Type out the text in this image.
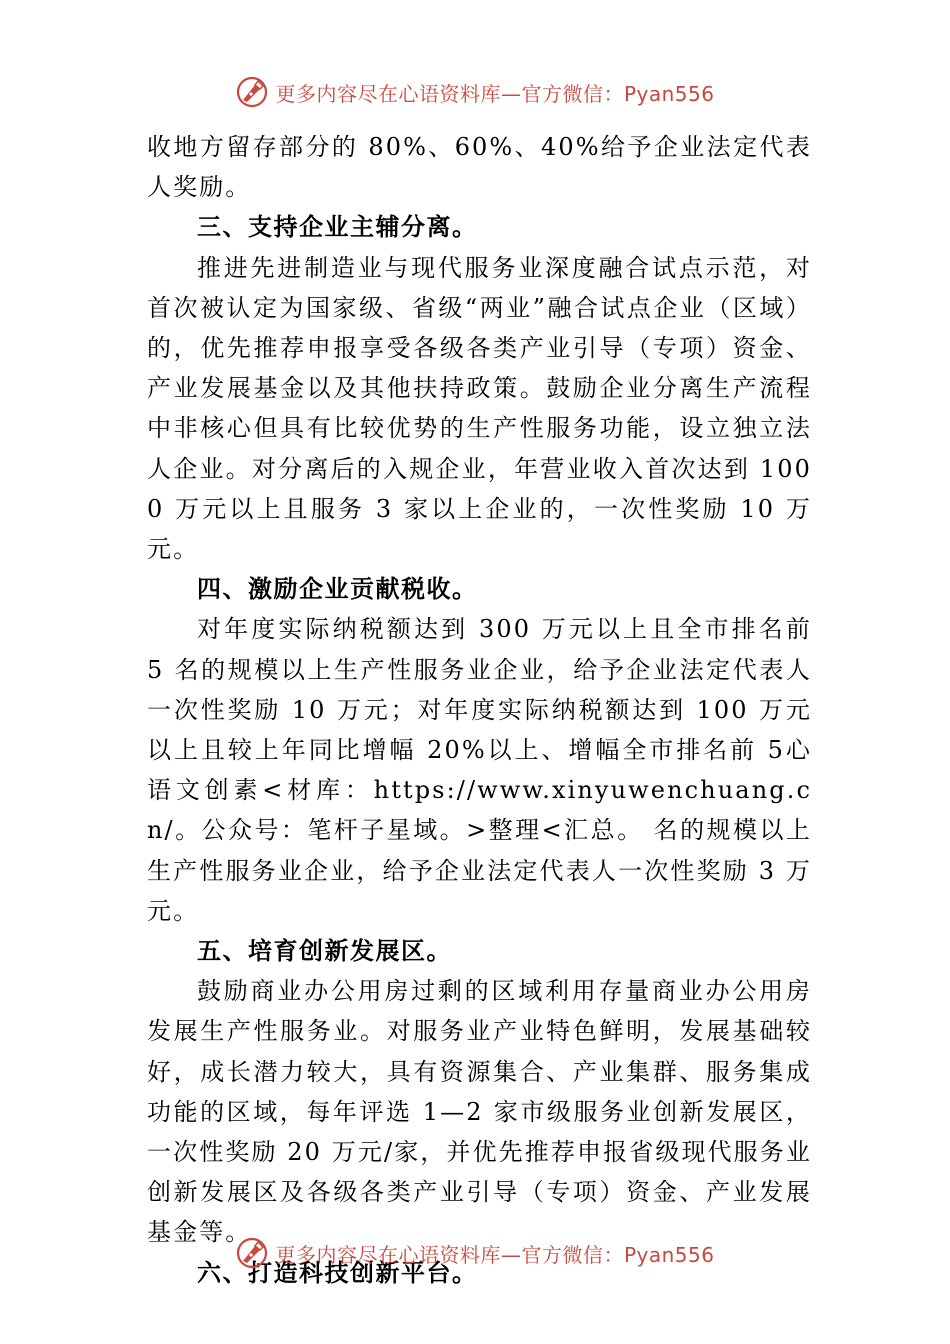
更多内容尽在心语资料库—官方微信：Pyan556

收地方留存部分的 80%、60%、40%给予企业法定代表人奖励。

三、支持企业主辅分离。

推进先进制造业与现代服务业深度融合试点示范，对首次被认定为国家级、省级“两业”融合试点企业（区域）的，优先推荐申报享受各级各类产业引导（专项）资金、产业发展基金以及其他扶持政策。鼓励企业分离生产流程中非核心但具有比较优势的生产性服务功能，设立独立法人企业。对分离后的入规企业，年营业收入首次达到 1000 万元以上且服务 3 家以上企业的，一次性奖励 10 万元。

四、激励企业贡献税收。

对年度实际纳税额达到 300 万元以上且全市排名前 5 名的规模以上生产性服务业企业，给予企业法定代表人一次性奖励 10 万元；对年度实际纳税额达到 100 万元以上且较上年同比增幅 20%以上、增幅全市排名前 5心语文创素<材库：https://www.xinyuwenchuang.cn/。公众号：笔杆子星域。>整理<汇总。 名的规模以上生产性服务业企业，给予企业法定代表人一次性奖励 3 万元。

五、培育创新发展区。

鼓励商业办公用房过剩的区域利用存量商业办公用房发展生产性服务业。对服务业产业特色鲜明，发展基础较好，成长潜力较大，具有资源集合、产业集群、服务集成功能的区域，每年评选 1—2 家市级服务业创新发展区，一次性奖励 20 万元/家，并优先推荐申报省级现代服务业创新发展区及各级各类产业引导（专项）资金、产业发展基金等。

六、打造科技创新平台。

更多内容尽在心语资料库—官方微信：Pyan556
